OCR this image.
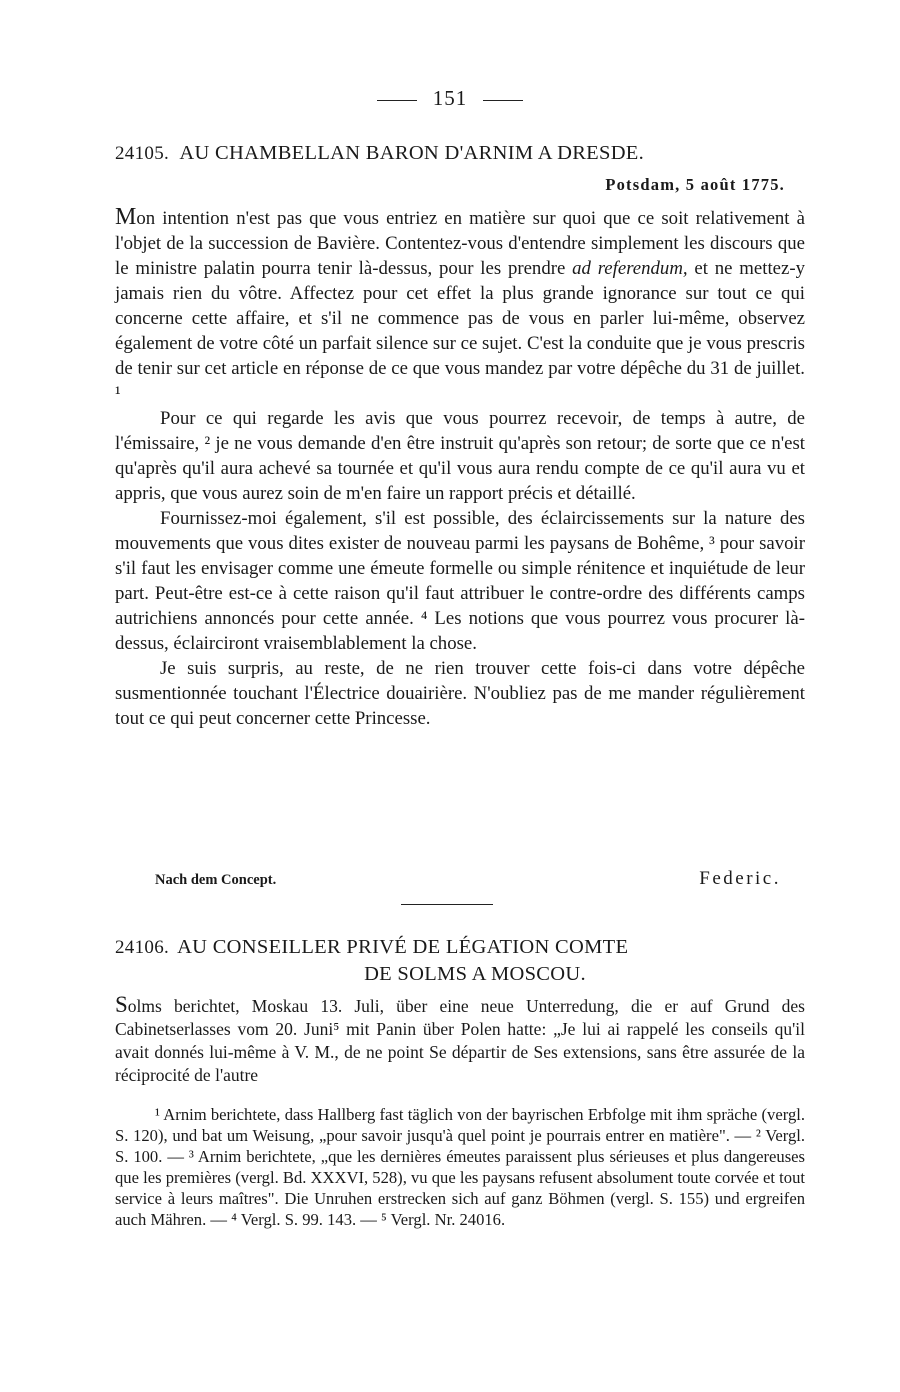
151
24105. AU CHAMBELLAN BARON D'ARNIM A DRESDE.
Potsdam, 5 août 1775.

Mon intention n'est pas que vous entriez en matière sur quoi que ce soit relativement à l'objet de la succession de Bavière. Contentez-vous d'entendre simplement les discours que le ministre palatin pourra tenir là-dessus, pour les prendre ad referendum, et ne mettez-y jamais rien du vôtre. Affectez pour cet effet la plus grande ignorance sur tout ce qui concerne cette affaire, et s'il ne commence pas de vous en parler lui-même, observez également de votre côté un parfait silence sur ce sujet. C'est la conduite que je vous prescris de tenir sur cet article en réponse de ce que vous mandez par votre dépêche du 31 de juillet. ¹

Pour ce qui regarde les avis que vous pourrez recevoir, de temps à autre, de l'émissaire, ² je ne vous demande d'en être instruit qu'après son retour; de sorte que ce n'est qu'après qu'il aura achevé sa tournée et qu'il vous aura rendu compte de ce qu'il aura vu et appris, que vous aurez soin de m'en faire un rapport précis et détaillé.

Fournissez-moi également, s'il est possible, des éclaircissements sur la nature des mouvements que vous dites exister de nouveau parmi les paysans de Bohême, ³ pour savoir s'il faut les envisager comme une émeute formelle ou simple rénitence et inquiétude de leur part. Peut-être est-ce à cette raison qu'il faut attribuer le contre-ordre des différents camps autrichiens annoncés pour cette année. ⁴ Les notions que vous pourrez vous procurer là-dessus, éclairciront vraisemblablement la chose.

Je suis surpris, au reste, de ne rien trouver cette fois-ci dans votre dépêche susmentionnée touchant l'Électrice douairière. N'oubliez pas de me mander régulièrement tout ce qui peut concerner cette Princesse.

Nach dem Concept.	Federic.
24106. AU CONSEILLER PRIVÉ DE LÉGATION COMTE
DE SOLMS A MOSCOU.

Solms berichtet, Moskau 13. Juli, über eine neue Unterredung, die er auf Grund des Cabinetserlasses vom 20. Juni⁵ mit Panin über Polen hatte: „Je lui ai rappelé les conseils qu'il avait donnés lui-même à V. M., de ne point Se départir de Ses extensions, sans être assurée de la réciprocité de l'autre

¹ Arnim berichtete, dass Hallberg fast täglich von der bayrischen Erbfolge mit ihm spräche (vergl. S. 120), und bat um Weisung, „pour savoir jusqu'à quel point je pourrais entrer en matière". — ² Vergl. S. 100. — ³ Arnim berichtete, „que les dernières émeutes paraissent plus sérieuses et plus dangereuses que les premières (vergl. Bd. XXXVI, 528), vu que les paysans refusent absolument toute corvée et tout service à leurs maîtres". Die Unruhen erstrecken sich auf ganz Böhmen (vergl. S. 155) und ergreifen auch Mähren. — ⁴ Vergl. S. 99. 143. — ⁵ Vergl. Nr. 24016.
